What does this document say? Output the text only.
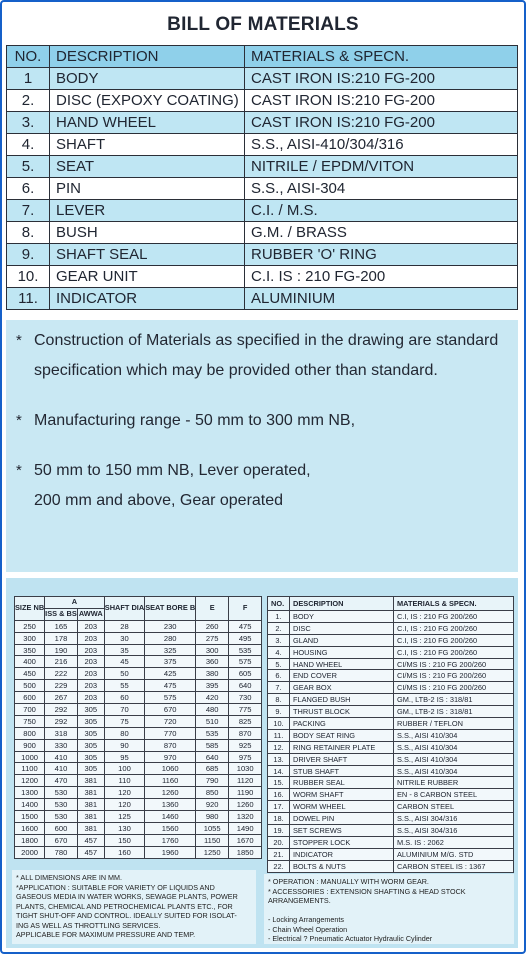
BILL OF MATERIALS
NO.	DESCRIPTION	MATERIALS & SPECN.
1	BODY	CAST IRON IS:210 FG-200
2.	DISC (EXPOXY COATING)	CAST IRON IS:210 FG-200
3.	HAND WHEEL	CAST IRON IS:210 FG-200
4.	SHAFT	S.S., AISI-410/304/316
5.	SEAT	NITRILE / EPDM/VITON
6.	PIN	S.S., AISI-304
7.	LEVER	C.I. / M.S.
8.	BUSH	G.M. / BRASS
9.	SHAFT SEAL	RUBBER 'O' RING
10.	GEAR UNIT	C.I. IS : 210 FG-200
11.	INDICATOR	ALUMINIUM
* Construction of Materials as specified in the drawing are standard
specification which may be provided other than standard.
* Manufacturing range - 50 mm to 300 mm NB,
* 50 mm to 150 mm NB, Lever operated,
200 mm and above, Gear operated
SIZE NB	A		SHAFT DIA	SEAT BORE B	E	F
	ISS & BS	AWWA				
250	165	203	28	230	260	475
300	178	203	30	280	275	495
350	190	203	35	325	300	535
400	216	203	45	375	360	575
450	222	203	50	425	380	605
500	229	203	55	475	395	640
600	267	203	60	575	420	730
700	292	305	70	670	480	775
750	292	305	75	720	510	825
800	318	305	80	770	535	870
900	330	305	90	870	585	925
1000	410	305	95	970	640	975
1100	410	305	100	1060	685	1030
1200	470	381	110	1160	790	1120
1300	530	381	120	1260	850	1190
1400	530	381	120	1360	920	1260
1500	530	381	125	1460	980	1320
1600	600	381	130	1560	1055	1490
1800	670	457	150	1760	1150	1670
2000	780	457	160	1960	1250	1850
NO.	DESCRIPTION	MATERIALS & SPECN.
1.	BODY	C.I, IS : 210 FG 200/260
2.	DISC	C.I, IS : 210 FG 200/260
3.	GLAND	C.I, IS : 210 FG 200/260
4.	HOUSING	C.I, IS : 210 FG 200/260
5.	HAND WHEEL	CI/MS IS : 210 FG 200/260
6.	END COVER	CI/MS IS : 210 FG 200/260
7.	GEAR BOX	CI/MS IS : 210 FG 200/260
8.	FLANGED BUSH	GM., LTB-2 IS : 318/81
9.	THRUST BLOCK	GM., LTB-2 IS : 318/81
10.	PACKING	RUBBER / TEFLON
11.	BODY SEAT RING	S.S., AISI 410/304
12.	RING RETAINER PLATE	S.S., AISI 410/304
13.	DRIVER SHAFT	S.S., AISI 410/304
14.	STUB SHAFT	S.S., AISI 410/304
15.	RUBBER SEAL	NITRILE RUBBER
16.	WORM SHAFT	EN - 8 CARBON STEEL
17.	WORM WHEEL	CARBON STEEL
18.	DOWEL PIN	S.S., AISI 304/316
19.	SET SCREWS	S.S., AISI 304/316
20.	STOPPER LOCK	M.S. IS : 2062
21.	INDICATOR	ALUMINIUM M/G. STD
22.	BOLTS & NUTS	CARBON STEEL IS : 1367
* ALL DIMENSIONS ARE IN MM.
*APPLICATION : SUITABLE FOR VARIETY OF LIQUIDS AND
GASEOUS MEDIA IN WATER WORKS, SEWAGE PLANTS, POWER
PLANTS, CHEMICAL AND PETROCHEMICAL PLANTS ETC., FOR
TIGHT SHUT-OFF AND CONTROL. IDEALLY SUITED FOR ISOLAT-
ING AS WELL AS THROTTLING SERVICES.
APPLICABLE FOR MAXIMUM PRESSURE AND TEMP.
* OPERATION : MANUALLY WITH WORM GEAR.
* ACCESSORIES : EXTENSION SHAFTING & HEAD STOCK
ARRANGEMENTS.
- Locking Arrangements
- Chain Wheel Operation
- Electrical ? Pneumatic Actuator Hydraulic Cylinder
